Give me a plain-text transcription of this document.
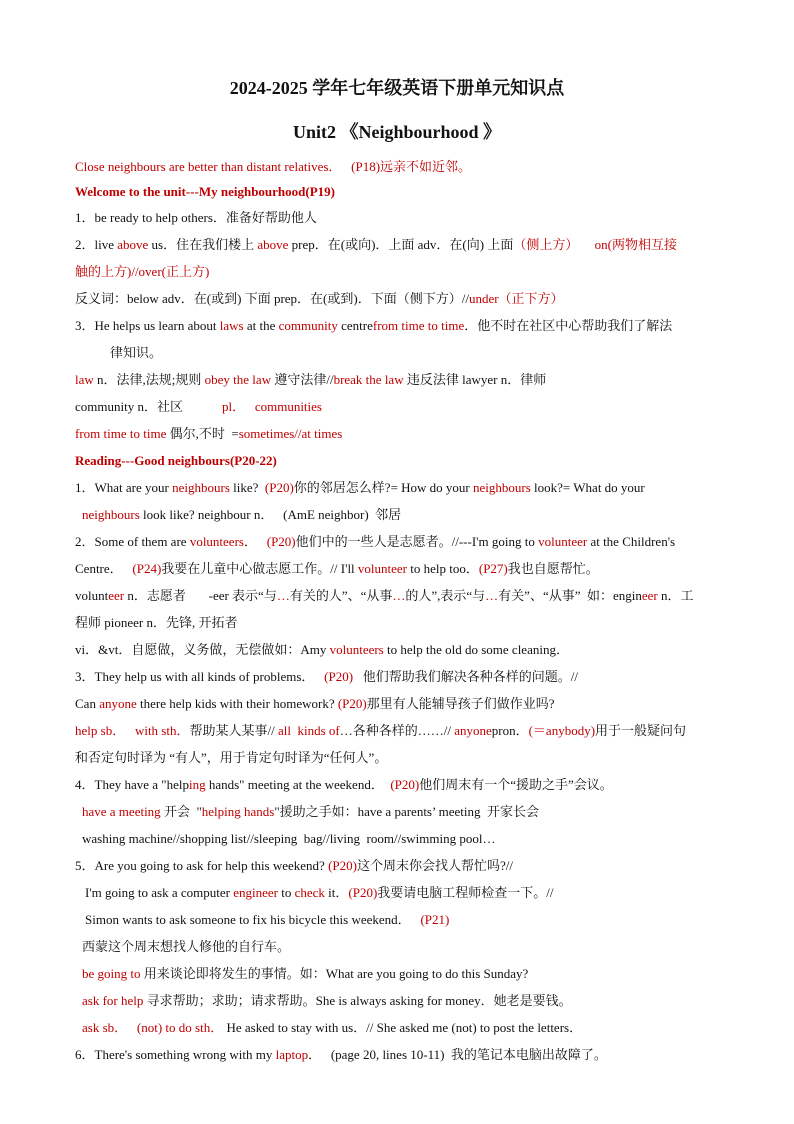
2024-2025 学年七年级英语下册单元知识点
Unit2 《Neighbourhood 》

Close neighbours are better than distant relatives．   (P18)远亲不如近邻。

Welcome to the unit---My neighbourhood(P19)

1．be ready to help others．准备好帮助他人

2．live above us．住在我们楼上 above prep．在(或向)．上面 adv．在(向) 上面（侧上方）     on(两物相互接

触的上方)//over(正上方)

反义词：below adv．在(或到) 下面 prep．在(或到)．下面（侧下方）//under（正下方）

3．He helps us learn about laws at the community centrefrom time to time．他不时在社区中心帮助我们了解法

律知识。

law n．法律,法规;规则 obey the law 遵守法律//break the law 违反法律 lawyer n．律师

community n．社区            pl．   communities

from time to time 偶尔,不时  =sometimes//at times

Reading---Good neighbours(P20-22)

1．What are your neighbours like?  (P20)你的邻居怎么样?= How do your neighbours look?= What do your

neighbours look like? neighbour n．   (AmE neighbor)  邻居

2．Some of them are volunteers．   (P20)他们中的一些人是志愿者。//---I'm going to volunteer at the Children's

Centre．   (P24)我要在儿童中心做志愿工作。// I'll volunteer to help too．(P27)我也自愿帮忙。

volunteer n．志愿者       -eer 表示“与…有关的人”、“从事…的人”,表示“与…有关”、“从事”  如：engineer n．工

程师 pioneer n．先锋, 开拓者

vi．&vt．自愿做，义务做，无偿做如：Amy volunteers to help the old do some cleaning．

3．They help us with all kinds of problems．   (P20)   他们帮助我们解决各种各样的问题。//

Can anyone there help kids with their homework? (P20)那里有人能辅导孩子们做作业吗?

help sb．   with sth．帮助某人某事// all  kinds of…各种各样的……// anyonepron．(＝anybody)用于一般疑问句

和否定句时译为 “有人”，用于肯定句时译为“任何人”。

4．They have a "helping hands" meeting at the weekend．  (P20)他们周末有一个“援助之手”会议。

have a meeting 开会  "helping hands"援助之手如：have a parents’ meeting  开家长会

washing machine//shopping list//sleeping  bag//living  room//swimming pool…

5．Are you going to ask for help this weekend? (P20)这个周末你会找人帮忙吗?//

I'm going to ask a computer engineer to check it．(P20)我要请电脑工程师检查一下。//

Simon wants to ask someone to fix his bicycle this weekend．   (P21)

西蒙这个周末想找人修他的自行车。

be going to 用来谈论即将发生的事情。如：What are you going to do this Sunday?

ask for help 寻求帮助；求助；请求帮助。She is always asking for money．她老是要钱。

ask sb．   (not) to do sth． He asked to stay with us．// She asked me (not) to post the letters．

6．There's something wrong with my laptop．   (page 20, lines 10-11)  我的笔记本电脑出故障了。
